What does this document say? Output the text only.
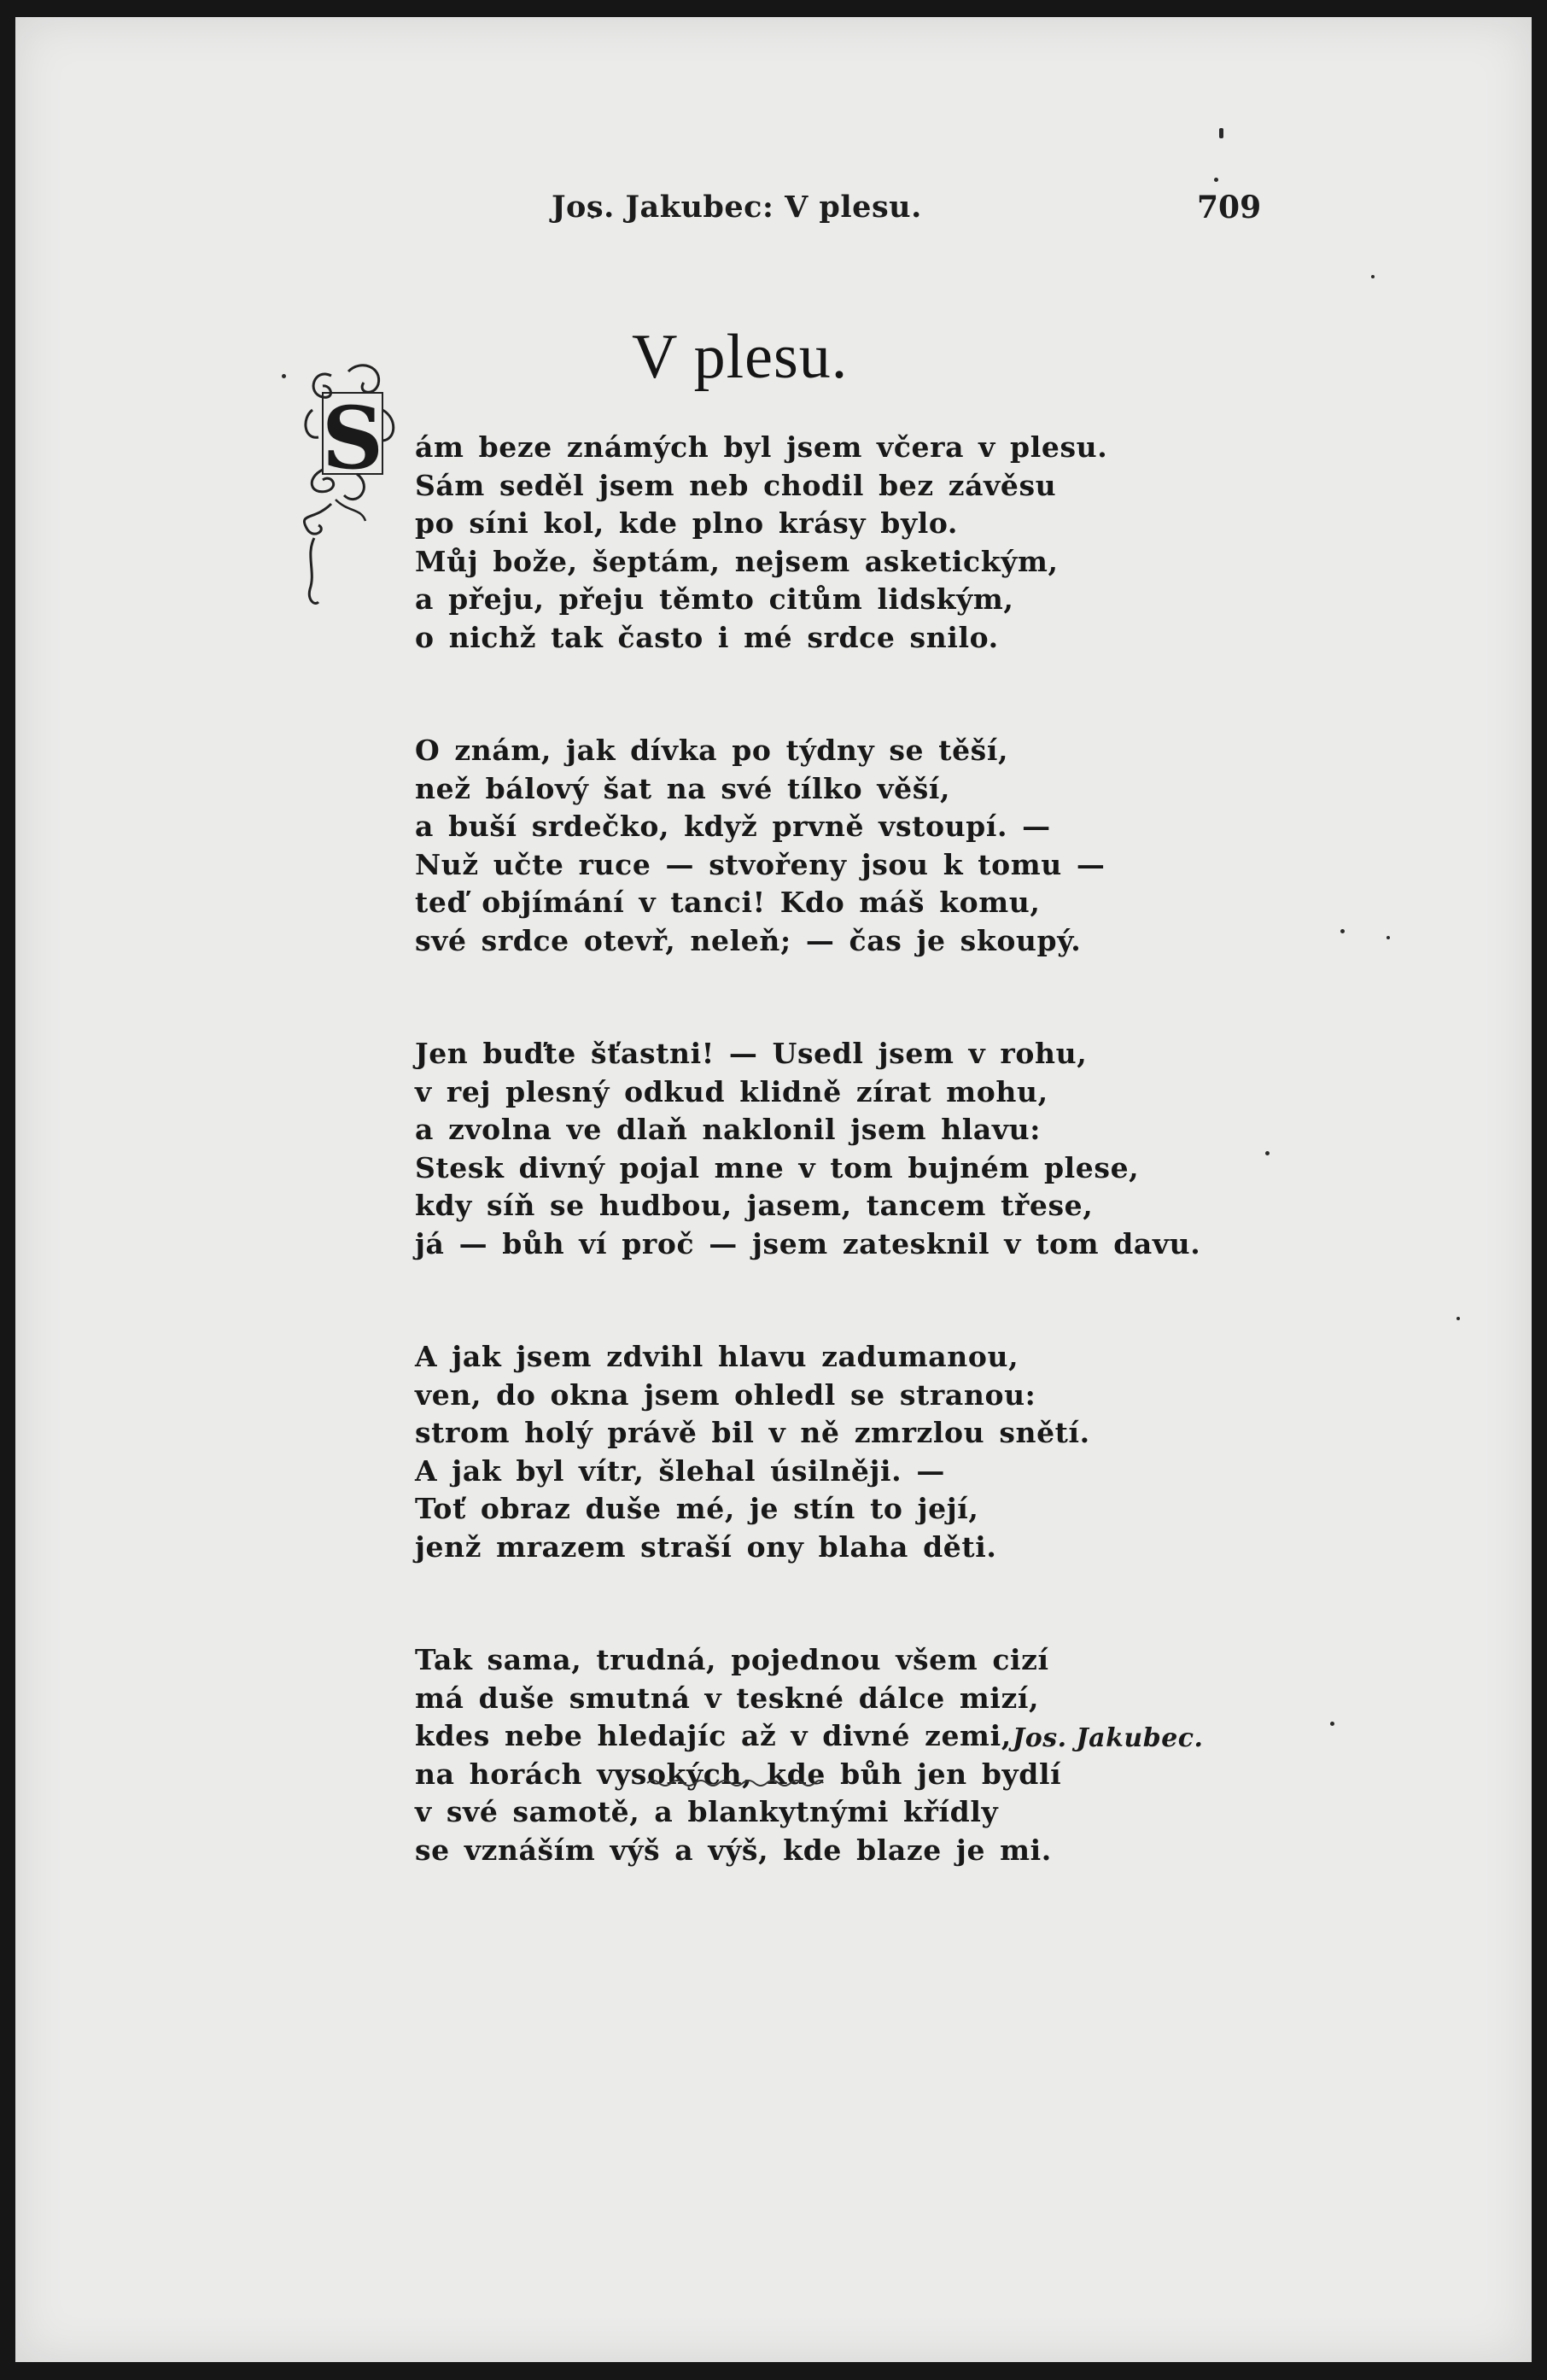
Jos. Jakubec: V plesu.	709
V plesu.
S ám beze známých byl jsem včera v plesu.
Sám seděl jsem neb chodil bez závěsu
po síni kol, kde plno krásy bylo.
Můj bože, šeptám, nejsem asketickým,
a přeju, přeju těmto citům lidským,
o nichž tak často i mé srdce snilo.
O znám, jak dívka po týdny se těší,
než bálový šat na své tílko věší,
a buší srdečko, když prvně vstoupí. —
Nuž učte ruce — stvořeny jsou k tomu —
teď objímání v tanci! Kdo máš komu,
své srdce otevř, neleň; — čas je skoupý.
Jen buďte šťastni! — Usedl jsem v rohu,
v rej plesný odkud klidně zírat mohu,
a zvolna ve dlaň naklonil jsem hlavu:
Stesk divný pojal mne v tom bujném plese,
kdy síň se hudbou, jasem, tancem třese,
já — bůh ví proč — jsem zatesknil v tom davu.
A jak jsem zdvihl hlavu zadumanou,
ven, do okna jsem ohledl se stranou:
strom holý právě bil v ně zmrzlou snětí.
A jak byl vítr, šlehal úsilněji. —
Toť obraz duše mé, je stín to její,
jenž mrazem straší ony blaha děti.
Tak sama, trudná, pojednou všem cizí
má duše smutná v teskné dálce mizí,
kdes nebe hledajíc až v divné zemi,
na horách vysokých, kde bůh jen bydlí
v své samotě, a blankytnými křídly
se vznáším výš a výš, kde blaze je mi.
Jos. Jakubec.
